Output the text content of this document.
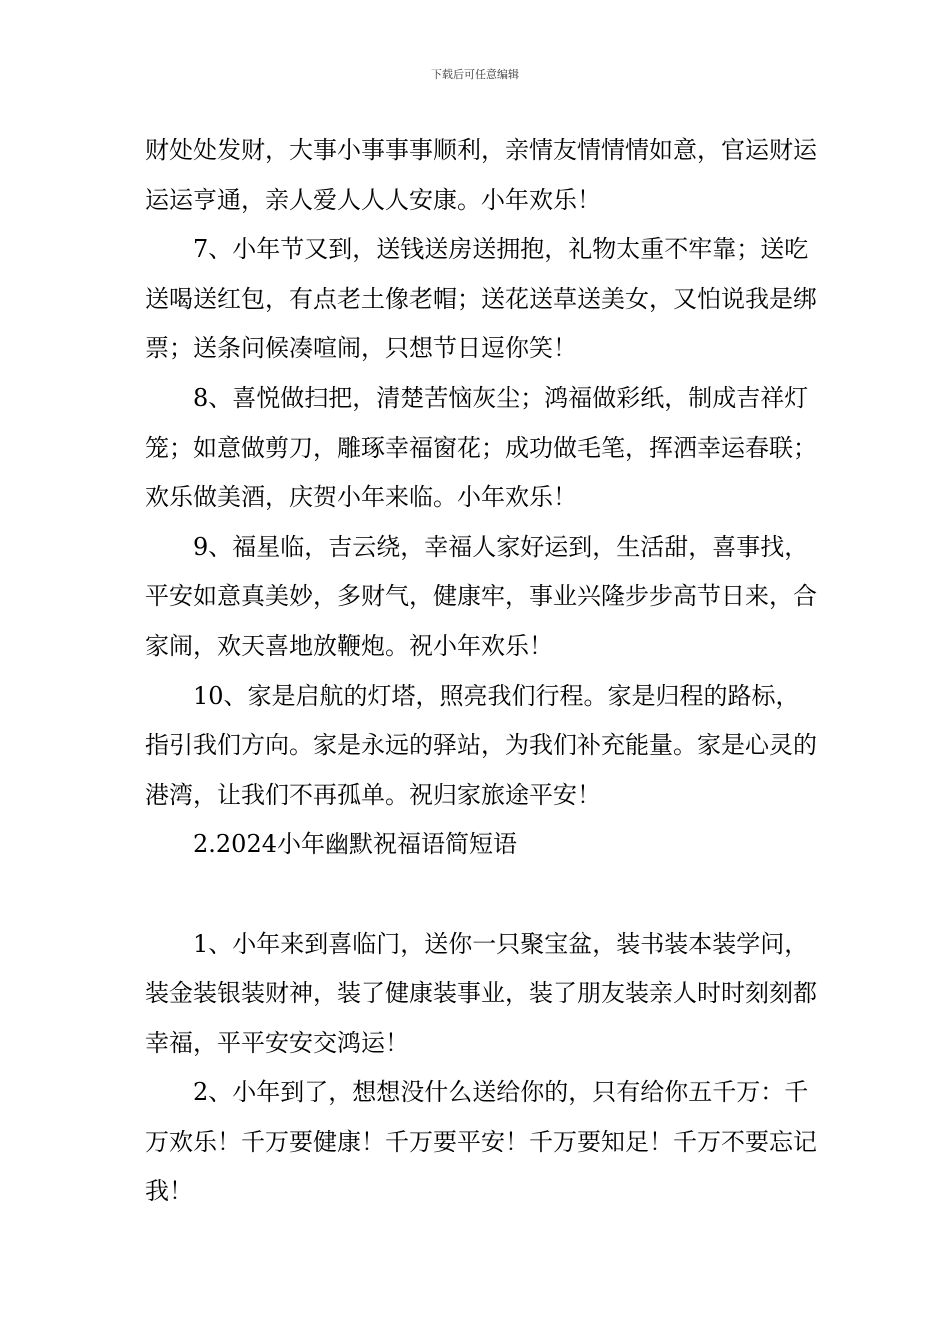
下载后可任意编辑

财处处发财，大事小事事事顺利，亲情友情情情如意，官运财运运运亨通，亲人爱人人人安康。小年欢乐！

7、小年节又到，送钱送房送拥抱，礼物太重不牢靠；送吃送喝送红包，有点老土像老帽；送花送草送美女，又怕说我是绑票；送条问候凑喧闹，只想节日逗你笑！

8、喜悦做扫把，清楚苦恼灰尘；鸿福做彩纸，制成吉祥灯笼；如意做剪刀，雕琢幸福窗花；成功做毛笔，挥洒幸运春联；欢乐做美酒，庆贺小年来临。小年欢乐！

9、福星临，吉云绕，幸福人家好运到，生活甜，喜事找，平安如意真美妙，多财气，健康牢，事业兴隆步步高节日来，合家闹，欢天喜地放鞭炮。祝小年欢乐！

10、家是启航的灯塔，照亮我们行程。家是归程的路标，指引我们方向。家是永远的驿站，为我们补充能量。家是心灵的港湾，让我们不再孤单。祝归家旅途平安！

2.2024小年幽默祝福语简短语

1、小年来到喜临门，送你一只聚宝盆，装书装本装学问，装金装银装财神，装了健康装事业，装了朋友装亲人时时刻刻都幸福，平平安安交鸿运！

2、小年到了，想想没什么送给你的，只有给你五千万：千万欢乐！千万要健康！千万要平安！千万要知足！千万不要忘记我！
